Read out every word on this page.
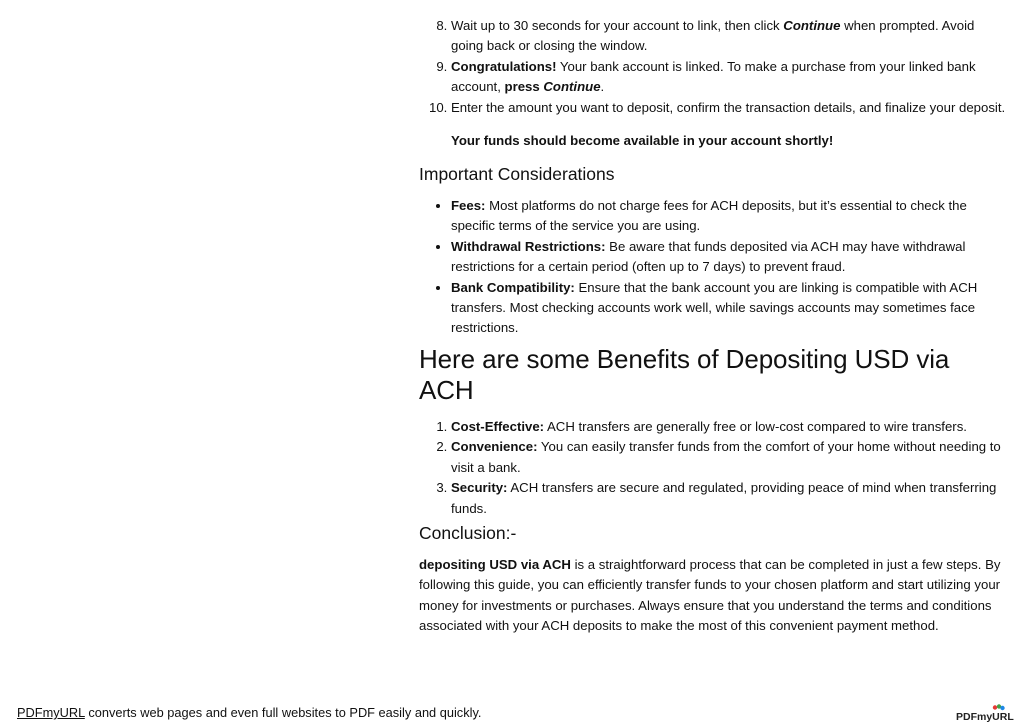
8. Wait up to 30 seconds for your account to link, then click Continue when prompted. Avoid going back or closing the window.
9. Congratulations! Your bank account is linked. To make a purchase from your linked bank account, press Continue.
10. Enter the amount you want to deposit, confirm the transaction details, and finalize your deposit.

Your funds should become available in your account shortly!

Important Considerations
• Fees: Most platforms do not charge fees for ACH deposits, but it’s essential to check the specific terms of the service you are using.
• Withdrawal Restrictions: Be aware that funds deposited via ACH may have withdrawal restrictions for a certain period (often up to 7 days) to prevent fraud.
• Bank Compatibility: Ensure that the bank account you are linking is compatible with ACH transfers. Most checking accounts work well, while savings accounts may sometimes face restrictions.
Here are some Benefits of Depositing USD via ACH
1. Cost-Effective: ACH transfers are generally free or low-cost compared to wire transfers.
2. Convenience: You can easily transfer funds from the comfort of your home without needing to visit a bank.
3. Security: ACH transfers are secure and regulated, providing peace of mind when transferring funds.
Conclusion:-

depositing USD via ACH is a straightforward process that can be completed in just a few steps. By following this guide, you can efficiently transfer funds to your chosen platform and start utilizing your money for investments or purchases. Always ensure that you understand the terms and conditions associated with your ACH deposits to make the most of this convenient payment method.

PDFmyURL converts web pages and even full websites to PDF easily and quickly.	PDFmyURL
